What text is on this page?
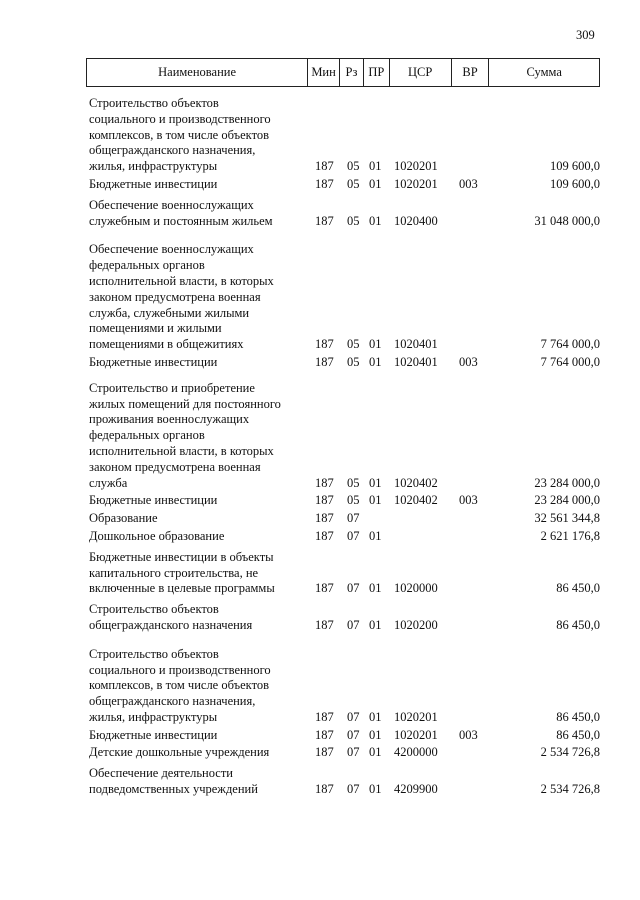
309
Наименование	Мин Рз ПР	ЦСР	ВР	Сумма
Строительство объектов
социального и производственного
комплексов, в том числе объектов
общегражданского назначения,
жилья, инфраструктуры	187 05 01 1020201	109 600,0
Бюджетные инвестиции	187 05 01 1020201 003	109 600,0
Обеспечение военнослужащих
служебным и постоянным жильем	187 05 01 1020400	31 048 000,0
Обеспечение военнослужащих
федеральных органов
исполнительной власти, в которых
законом предусмотрена военная
служба, служебными жилыми
помещениями и жилыми
помещениями в общежитиях	187 05 01 1020401	7 764 000,0
Бюджетные инвестиции	187 05 01 1020401 003	7 764 000,0
Строительство и приобретение
жилых помещений для постоянного
проживания военнослужащих
федеральных органов
исполнительной власти, в которых
законом предусмотрена военная
служба	187 05 01 1020402	23 284 000,0
Бюджетные инвестиции	187 05 01 1020402 003	23 284 000,0
Образование	187 07	32 561 344,8
Дошкольное образование	187 07 01	2 621 176,8
Бюджетные инвестиции в объекты
капитального строительства, не
включенные в целевые программы	187 07 01 1020000	86 450,0
Строительство объектов
общегражданского назначения	187 07 01 1020200	86 450,0
Строительство объектов
социального и производственного
комплексов, в том числе объектов
общегражданского назначения,
жилья, инфраструктуры	187 07 01 1020201	86 450,0
Бюджетные инвестиции	187 07 01 1020201 003	86 450,0
Детские дошкольные учреждения	187 07 01 4200000	2 534 726,8
Обеспечение деятельности
подведомственных учреждений	187 07 01 4209900	2 534 726,8
